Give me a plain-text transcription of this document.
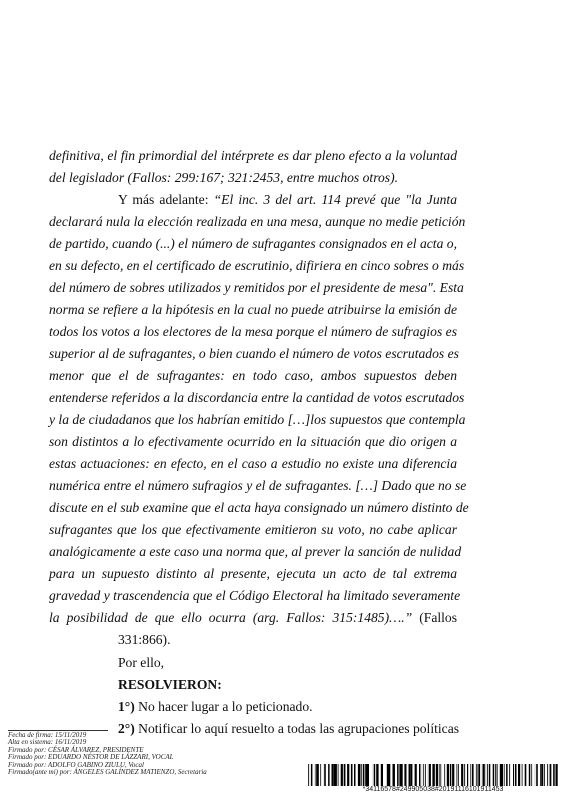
definitiva, el fin primordial del intérprete es dar pleno efecto a la voluntad
del legislador (Fallos: 299:167; 321:2453, entre muchos otros).
Y más adelante: “El inc. 3 del art. 114 prevé que "la Junta
declarará nula la elección realizada en una mesa, aunque no medie petición
de partido, cuando (...) el número de sufragantes consignados en el acta o,
en su defecto, en el certificado de escrutinio, difiriera en cinco sobres o más
del número de sobres utilizados y remitidos por el presidente de mesa". Esta
norma se refiere a la hipótesis en la cual no puede atribuirse la emisión de
todos los votos a los electores de la mesa porque el número de sufragios es
superior al de sufragantes, o bien cuando el número de votos escrutados es
menor que el de sufragantes: en todo caso, ambos supuestos deben
entenderse referidos a la discordancia entre la cantidad de votos escrutados
y la de ciudadanos que los habrían emitido […]los supuestos que contempla
son distintos a lo efectivamente ocurrido en la situación que dio origen a
estas actuaciones: en efecto, en el caso a estudio no existe una diferencia
numérica entre el número sufragios y el de sufragantes. […] Dado que no se
discute en el sub examine que el acta haya consignado un número distinto de
sufragantes que los que efectivamente emitieron su voto, no cabe aplicar
analógicamente a este caso una norma que, al prever la sanción de nulidad
para un supuesto distinto al presente, ejecuta un acto de tal extrema
gravedad y trascendencia que el Código Electoral ha limitado severamente
la posibilidad de que ello ocurra (arg. Fallos: 315:1485)….” (Fallos
331:866).
Por ello,
RESOLVIERON:
1°) No hacer lugar a lo peticionado.
2°) Notificar lo aquí resuelto a todas las agrupaciones políticas
Fecha de firma: 15/11/2019
Alta en sistema: 16/11/2019
Firmado por: CÉSAR ÁLVAREZ, PRESIDENTE
Firmado por: EDUARDO NÉSTOR DE LÁZZARI, VOCAL
Firmado por: ADOLFO GABINO ZIULU, Vocal
Firmado(ante mi) por: ÁNGELES GALÍNDEZ MATIENZO, Secretaria
*34116578#249905038#20191116101911453
